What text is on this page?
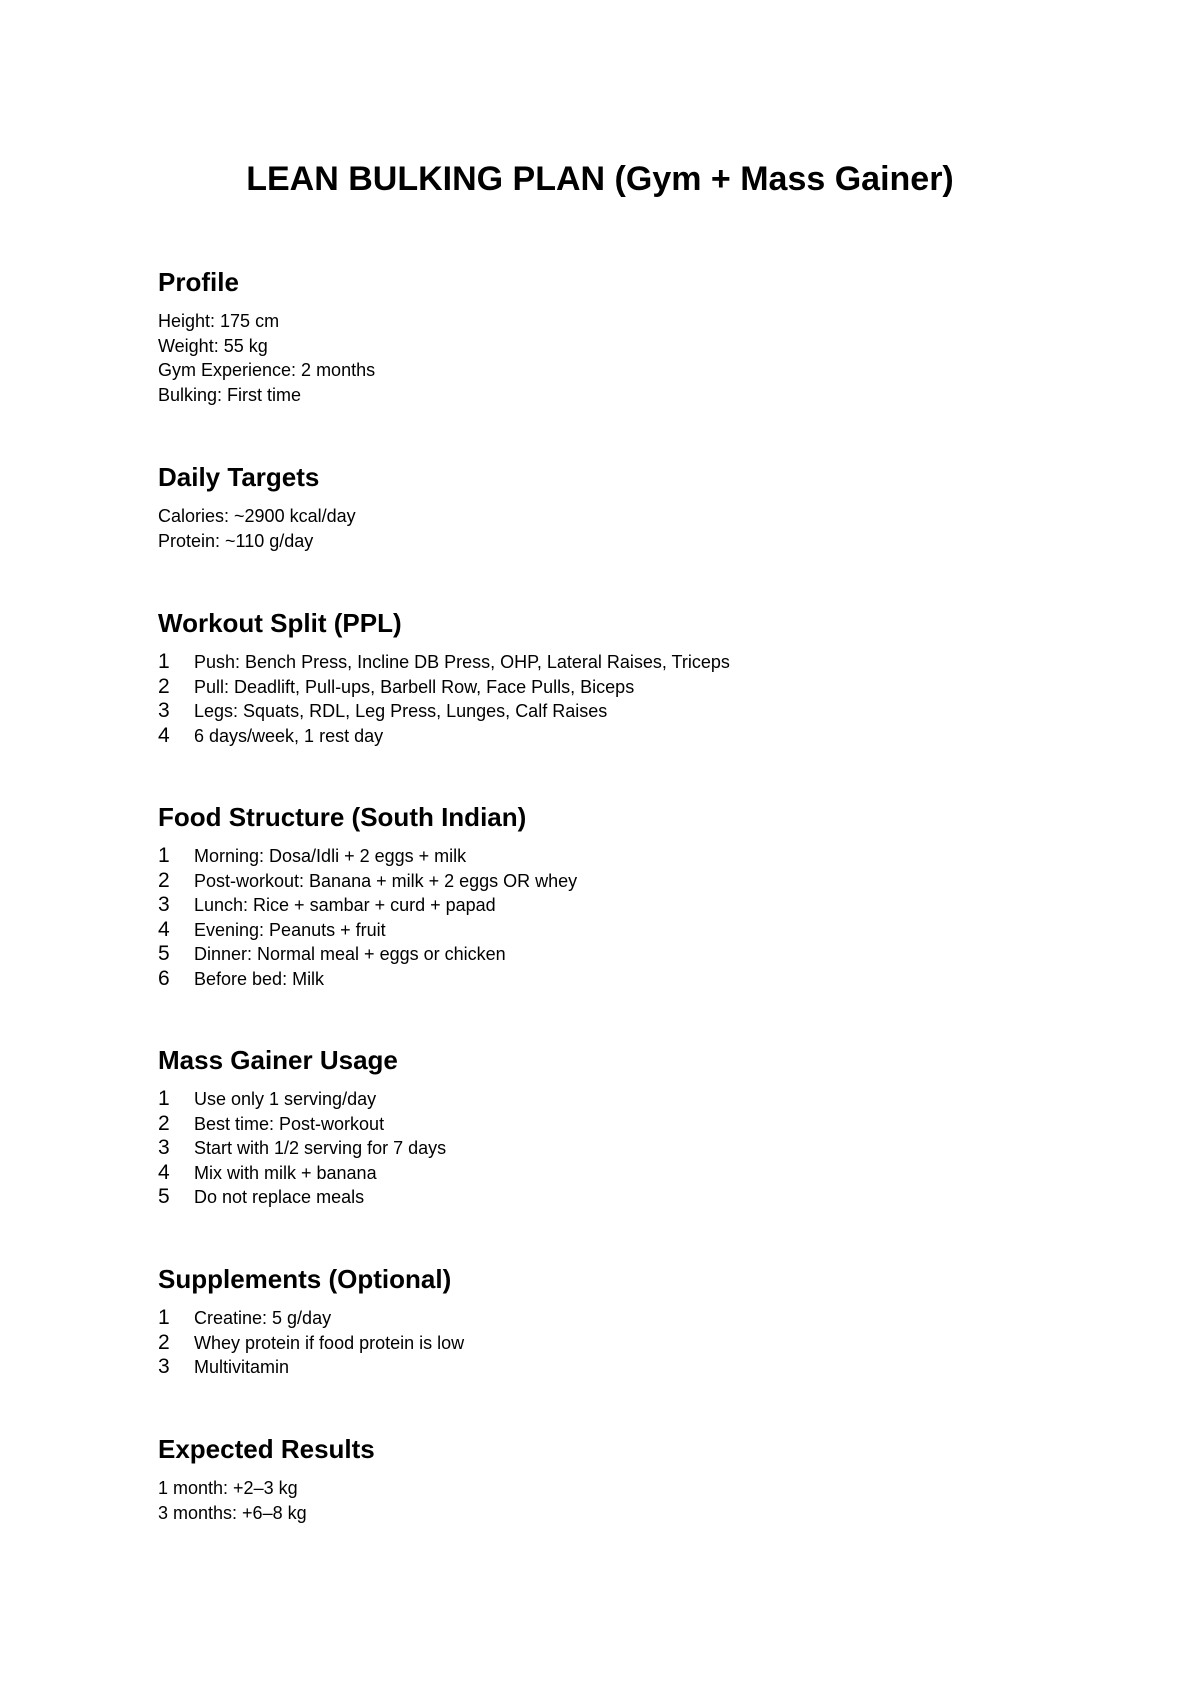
LEAN BULKING PLAN (Gym + Mass Gainer)
Profile
Height: 175 cm
Weight: 55 kg
Gym Experience: 2 months
Bulking: First time
Daily Targets
Calories: ~2900 kcal/day
Protein: ~110 g/day
Workout Split (PPL)
1	Push: Bench Press, Incline DB Press, OHP, Lateral Raises, Triceps
2	Pull: Deadlift, Pull-ups, Barbell Row, Face Pulls, Biceps
3	Legs: Squats, RDL, Leg Press, Lunges, Calf Raises
4	6 days/week, 1 rest day
Food Structure (South Indian)
1	Morning: Dosa/Idli + 2 eggs + milk
2	Post-workout: Banana + milk + 2 eggs OR whey
3	Lunch: Rice + sambar + curd + papad
4	Evening: Peanuts + fruit
5	Dinner: Normal meal + eggs or chicken
6	Before bed: Milk
Mass Gainer Usage
1	Use only 1 serving/day
2	Best time: Post-workout
3	Start with 1/2 serving for 7 days
4	Mix with milk + banana
5	Do not replace meals
Supplements (Optional)
1	Creatine: 5 g/day
2	Whey protein if food protein is low
3	Multivitamin
Expected Results
1 month: +2–3 kg
3 months: +6–8 kg
